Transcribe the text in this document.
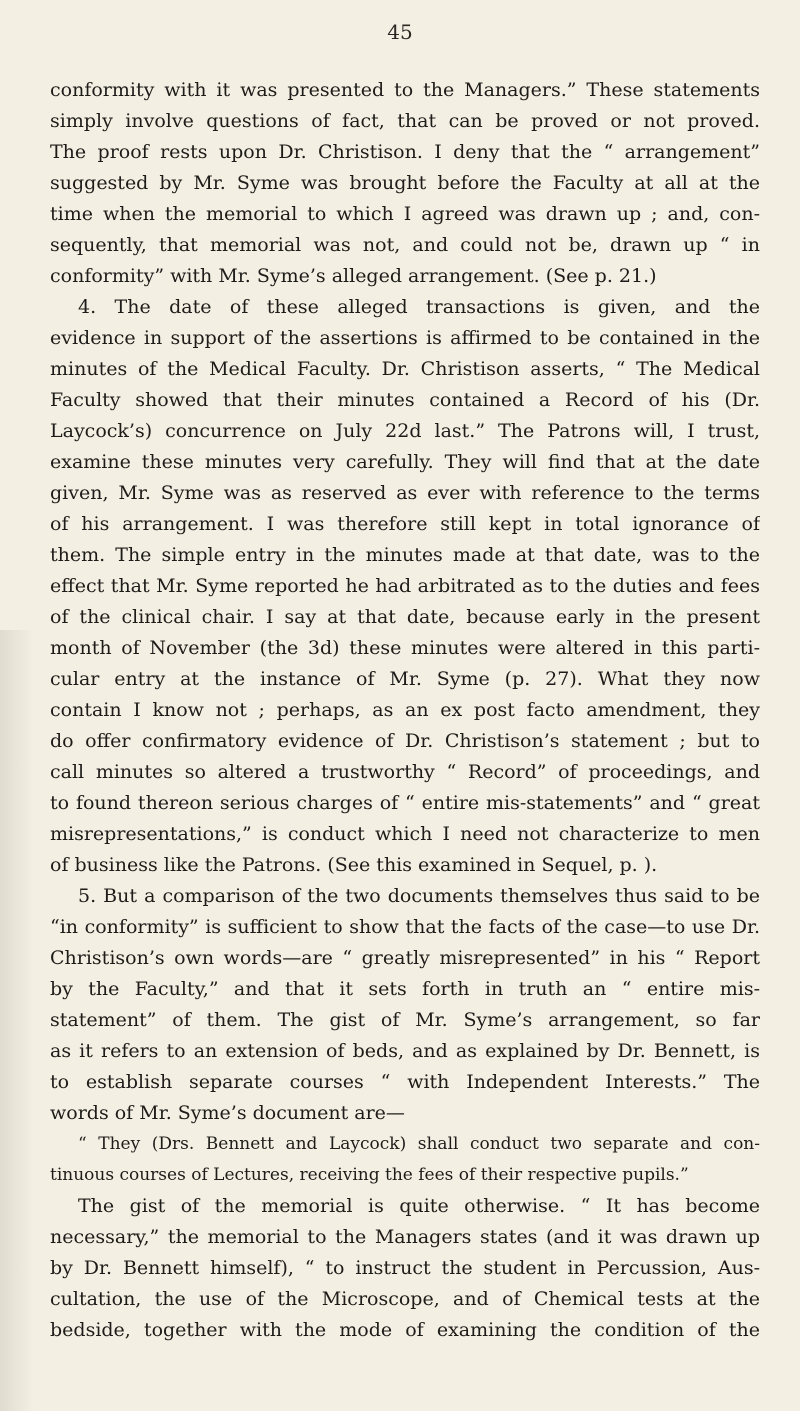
45
conformity with it was presented to the Managers.” These statements
simply involve questions of fact, that can be proved or not proved.
The proof rests upon Dr. Christison. I deny that the “ arrangement”
suggested by Mr. Syme was brought before the Faculty at all at the
time when the memorial to which I agreed was drawn up ; and, con-
sequently, that memorial was not, and could not be, drawn up “ in
conformity” with Mr. Syme’s alleged arrangement. (See p. 21.)
4. The date of these alleged transactions is given, and the
evidence in support of the assertions is affirmed to be contained in the
minutes of the Medical Faculty. Dr. Christison asserts, “ The Medical
Faculty showed that their minutes contained a Record of his (Dr.
Laycock’s) concurrence on July 22d last.” The Patrons will, I trust,
examine these minutes very carefully. They will find that at the date
given, Mr. Syme was as reserved as ever with reference to the terms
of his arrangement. I was therefore still kept in total ignorance of
them. The simple entry in the minutes made at that date, was to the
effect that Mr. Syme reported he had arbitrated as to the duties and fees
of the clinical chair. I say at that date, because early in the present
month of November (the 3d) these minutes were altered in this parti-
cular entry at the instance of Mr. Syme (p. 27). What they now
contain I know not ; perhaps, as an ex post facto amendment, they
do offer confirmatory evidence of Dr. Christison’s statement ; but to
call minutes so altered a trustworthy “ Record” of proceedings, and
to found thereon serious charges of “ entire mis-statements” and “ great
misrepresentations,” is conduct which I need not characterize to men
of business like the Patrons. (See this examined in Sequel, p. ).
5. But a comparison of the two documents themselves thus said to be
“in conformity” is sufficient to show that the facts of the case—to use Dr.
Christison’s own words—are “ greatly misrepresented” in his “ Report
by the Faculty,” and that it sets forth in truth an “ entire mis-
statement” of them. The gist of Mr. Syme’s arrangement, so far
as it refers to an extension of beds, and as explained by Dr. Bennett, is
to establish separate courses “ with Independent Interests.” The
words of Mr. Syme’s document are—
“ They (Drs. Bennett and Laycock) shall conduct two separate and con-
tinuous courses of Lectures, receiving the fees of their respective pupils.”
The gist of the memorial is quite otherwise. “ It has become
necessary,” the memorial to the Managers states (and it was drawn up
by Dr. Bennett himself), “ to instruct the student in Percussion, Aus-
cultation, the use of the Microscope, and of Chemical tests at the
bedside, together with the mode of examining the condition of the
